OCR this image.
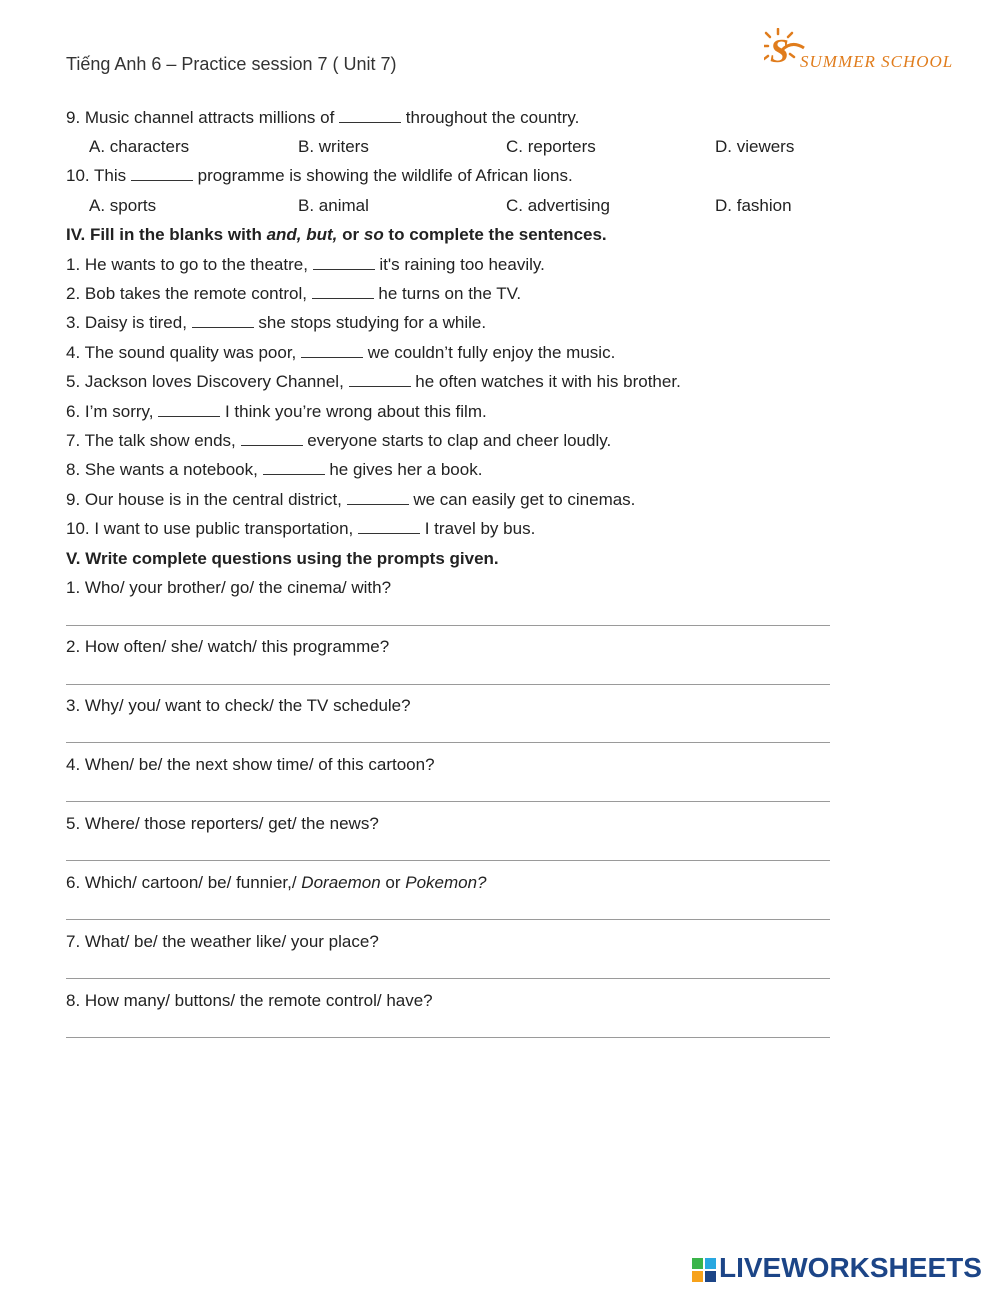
Tiếng Anh 6 – Practice session 7 ( Unit 7)	S SUMMER SCHOOL
9. Music channel attracts millions of	throughout the country.
A. characters	B. writers	C. reporters	D. viewers
10. This	programme is showing the wildlife of African lions.
A. sports	B. animal	C. advertising	D. fashion
IV. Fill in the blanks with and, but, or so to complete the sentences.
1. He wants to go to the theatre,	it's raining too heavily.
2. Bob takes the remote control,	he turns on the TV.
3. Daisy is tired,	she stops studying for a while.
4. The sound quality was poor,	we couldn’t fully enjoy the music.
5. Jackson loves Discovery Channel,	he often watches it with his brother.
6. I’m sorry,	I think you’re wrong about this film.
7. The talk show ends,	everyone starts to clap and cheer loudly.
8. She wants a notebook,	he gives her a book.
9. Our house is in the central district,	we can easily get to cinemas.
10. I want to use public transportation,	I travel by bus.
V. Write complete questions using the prompts given.
1. Who/ your brother/ go/ the cinema/ with?
2. How often/ she/ watch/ this programme?
3. Why/ you/ want to check/ the TV schedule?
4. When/ be/ the next show time/ of this cartoon?
5. Where/ those reporters/ get/ the news?
6. Which/ cartoon/ be/ funnier,/ Doraemon or Pokemon?
7. What/ be/ the weather like/ your place?
8. How many/ buttons/ the remote control/ have?
LIVEWORKSHEETS
